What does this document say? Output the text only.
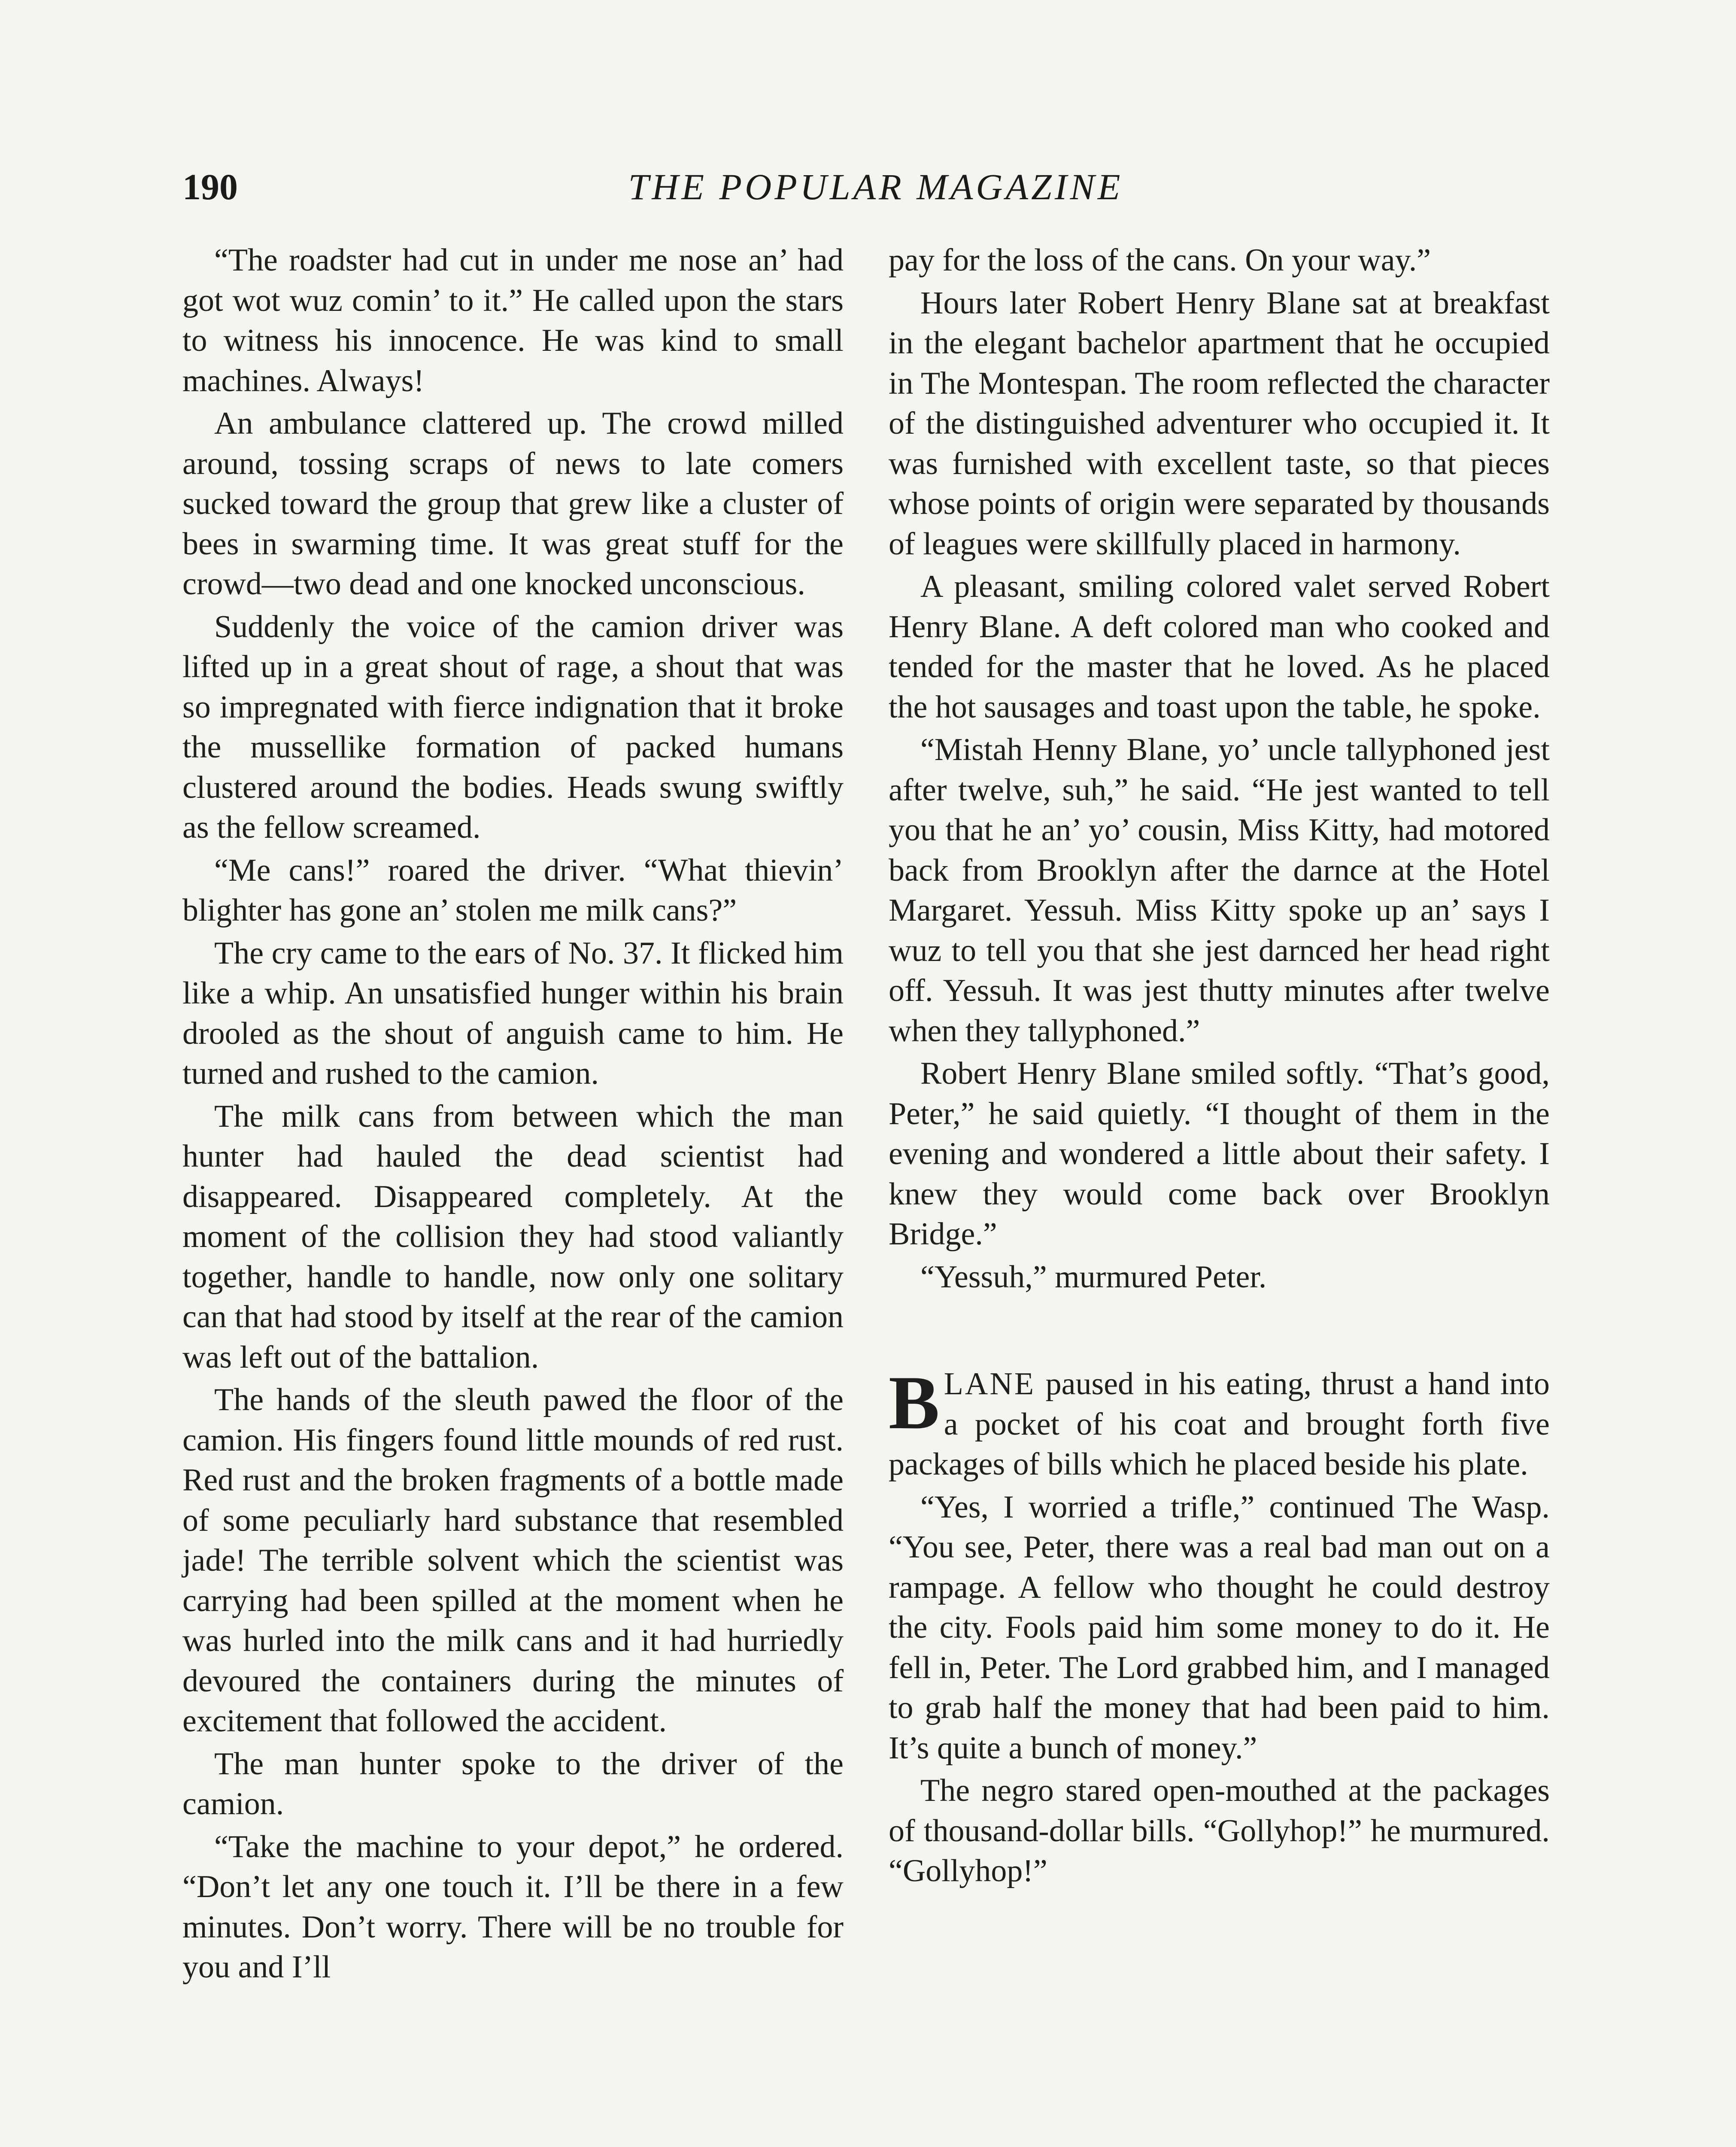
190	THE POPULAR MAGAZINE

“The roadster had cut in under me nose an’ had got wot wuz comin’ to it.” He called upon the stars to witness his innocence. He was kind to small machines. Always!

An ambulance clattered up. The crowd milled around, tossing scraps of news to late comers sucked toward the group that grew like a cluster of bees in swarming time. It was great stuff for the crowd—two dead and one knocked unconscious.

Suddenly the voice of the camion driver was lifted up in a great shout of rage, a shout that was so impregnated with fierce indignation that it broke the mussellike formation of packed humans clustered around the bodies. Heads swung swiftly as the fellow screamed.

“Me cans!” roared the driver. “What thievin’ blighter has gone an’ stolen me milk cans?”

The cry came to the ears of No. 37. It flicked him like a whip. An unsatisfied hunger within his brain drooled as the shout of anguish came to him. He turned and rushed to the camion.

The milk cans from between which the man hunter had hauled the dead scientist had disappeared. Disappeared completely. At the moment of the collision they had stood valiantly together, handle to handle, now only one solitary can that had stood by itself at the rear of the camion was left out of the battalion.

The hands of the sleuth pawed the floor of the camion. His fingers found little mounds of red rust. Red rust and the broken fragments of a bottle made of some peculiarly hard substance that resembled jade! The terrible solvent which the scientist was carrying had been spilled at the moment when he was hurled into the milk cans and it had hurriedly devoured the containers during the minutes of excitement that followed the accident.

The man hunter spoke to the driver of the camion.

“Take the machine to your depot,” he ordered. “Don’t let any one touch it. I’ll be there in a few minutes. Don’t worry. There will be no trouble for you and I’ll

pay for the loss of the cans. On your way.”

Hours later Robert Henry Blane sat at breakfast in the elegant bachelor apartment that he occupied in The Montespan. The room reflected the character of the distinguished adventurer who occupied it. It was furnished with excellent taste, so that pieces whose points of origin were separated by thousands of leagues were skillfully placed in harmony.

A pleasant, smiling colored valet served Robert Henry Blane. A deft colored man who cooked and tended for the master that he loved. As he placed the hot sausages and toast upon the table, he spoke.

“Mistah Henny Blane, yo’ uncle tallyphoned jest after twelve, suh,” he said. “He jest wanted to tell you that he an’ yo’ cousin, Miss Kitty, had motored back from Brooklyn after the darnce at the Hotel Margaret. Yessuh. Miss Kitty spoke up an’ says I wuz to tell you that she jest darnced her head right off. Yessuh. It was jest thutty minutes after twelve when they tallyphoned.”

Robert Henry Blane smiled softly. “That’s good, Peter,” he said quietly. “I thought of them in the evening and wondered a little about their safety. I knew they would come back over Brooklyn Bridge.”

“Yessuh,” murmured Peter.

BLANE paused in his eating, thrust a hand into a pocket of his coat and brought forth five packages of bills which he placed beside his plate.

“Yes, I worried a trifle,” continued The Wasp. “You see, Peter, there was a real bad man out on a rampage. A fellow who thought he could destroy the city. Fools paid him some money to do it. He fell in, Peter. The Lord grabbed him, and I managed to grab half the money that had been paid to him. It’s quite a bunch of money.”

The negro stared open-mouthed at the packages of thousand-dollar bills. “Gollyhop!” he murmured. “Gollyhop!”
